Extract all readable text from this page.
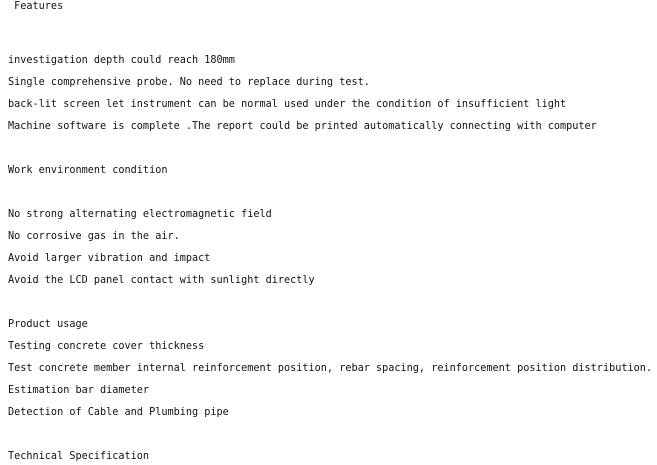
Features
investigation depth could reach 180mm
Single comprehensive probe. No need to replace during test.
back-lit screen let instrument can be normal used under the condition of insufficient light
Machine software is complete .The report could be printed automatically connecting with computer
Work environment condition
No strong alternating electromagnetic field
No corrosive gas in the air.
Avoid larger vibration and impact
Avoid the LCD panel contact with sunlight directly
Product usage
Testing concrete cover thickness
Test concrete member internal reinforcement position, rebar spacing, reinforcement position distribution.
Estimation bar diameter
Detection of Cable and Plumbing pipe
Technical Specification
